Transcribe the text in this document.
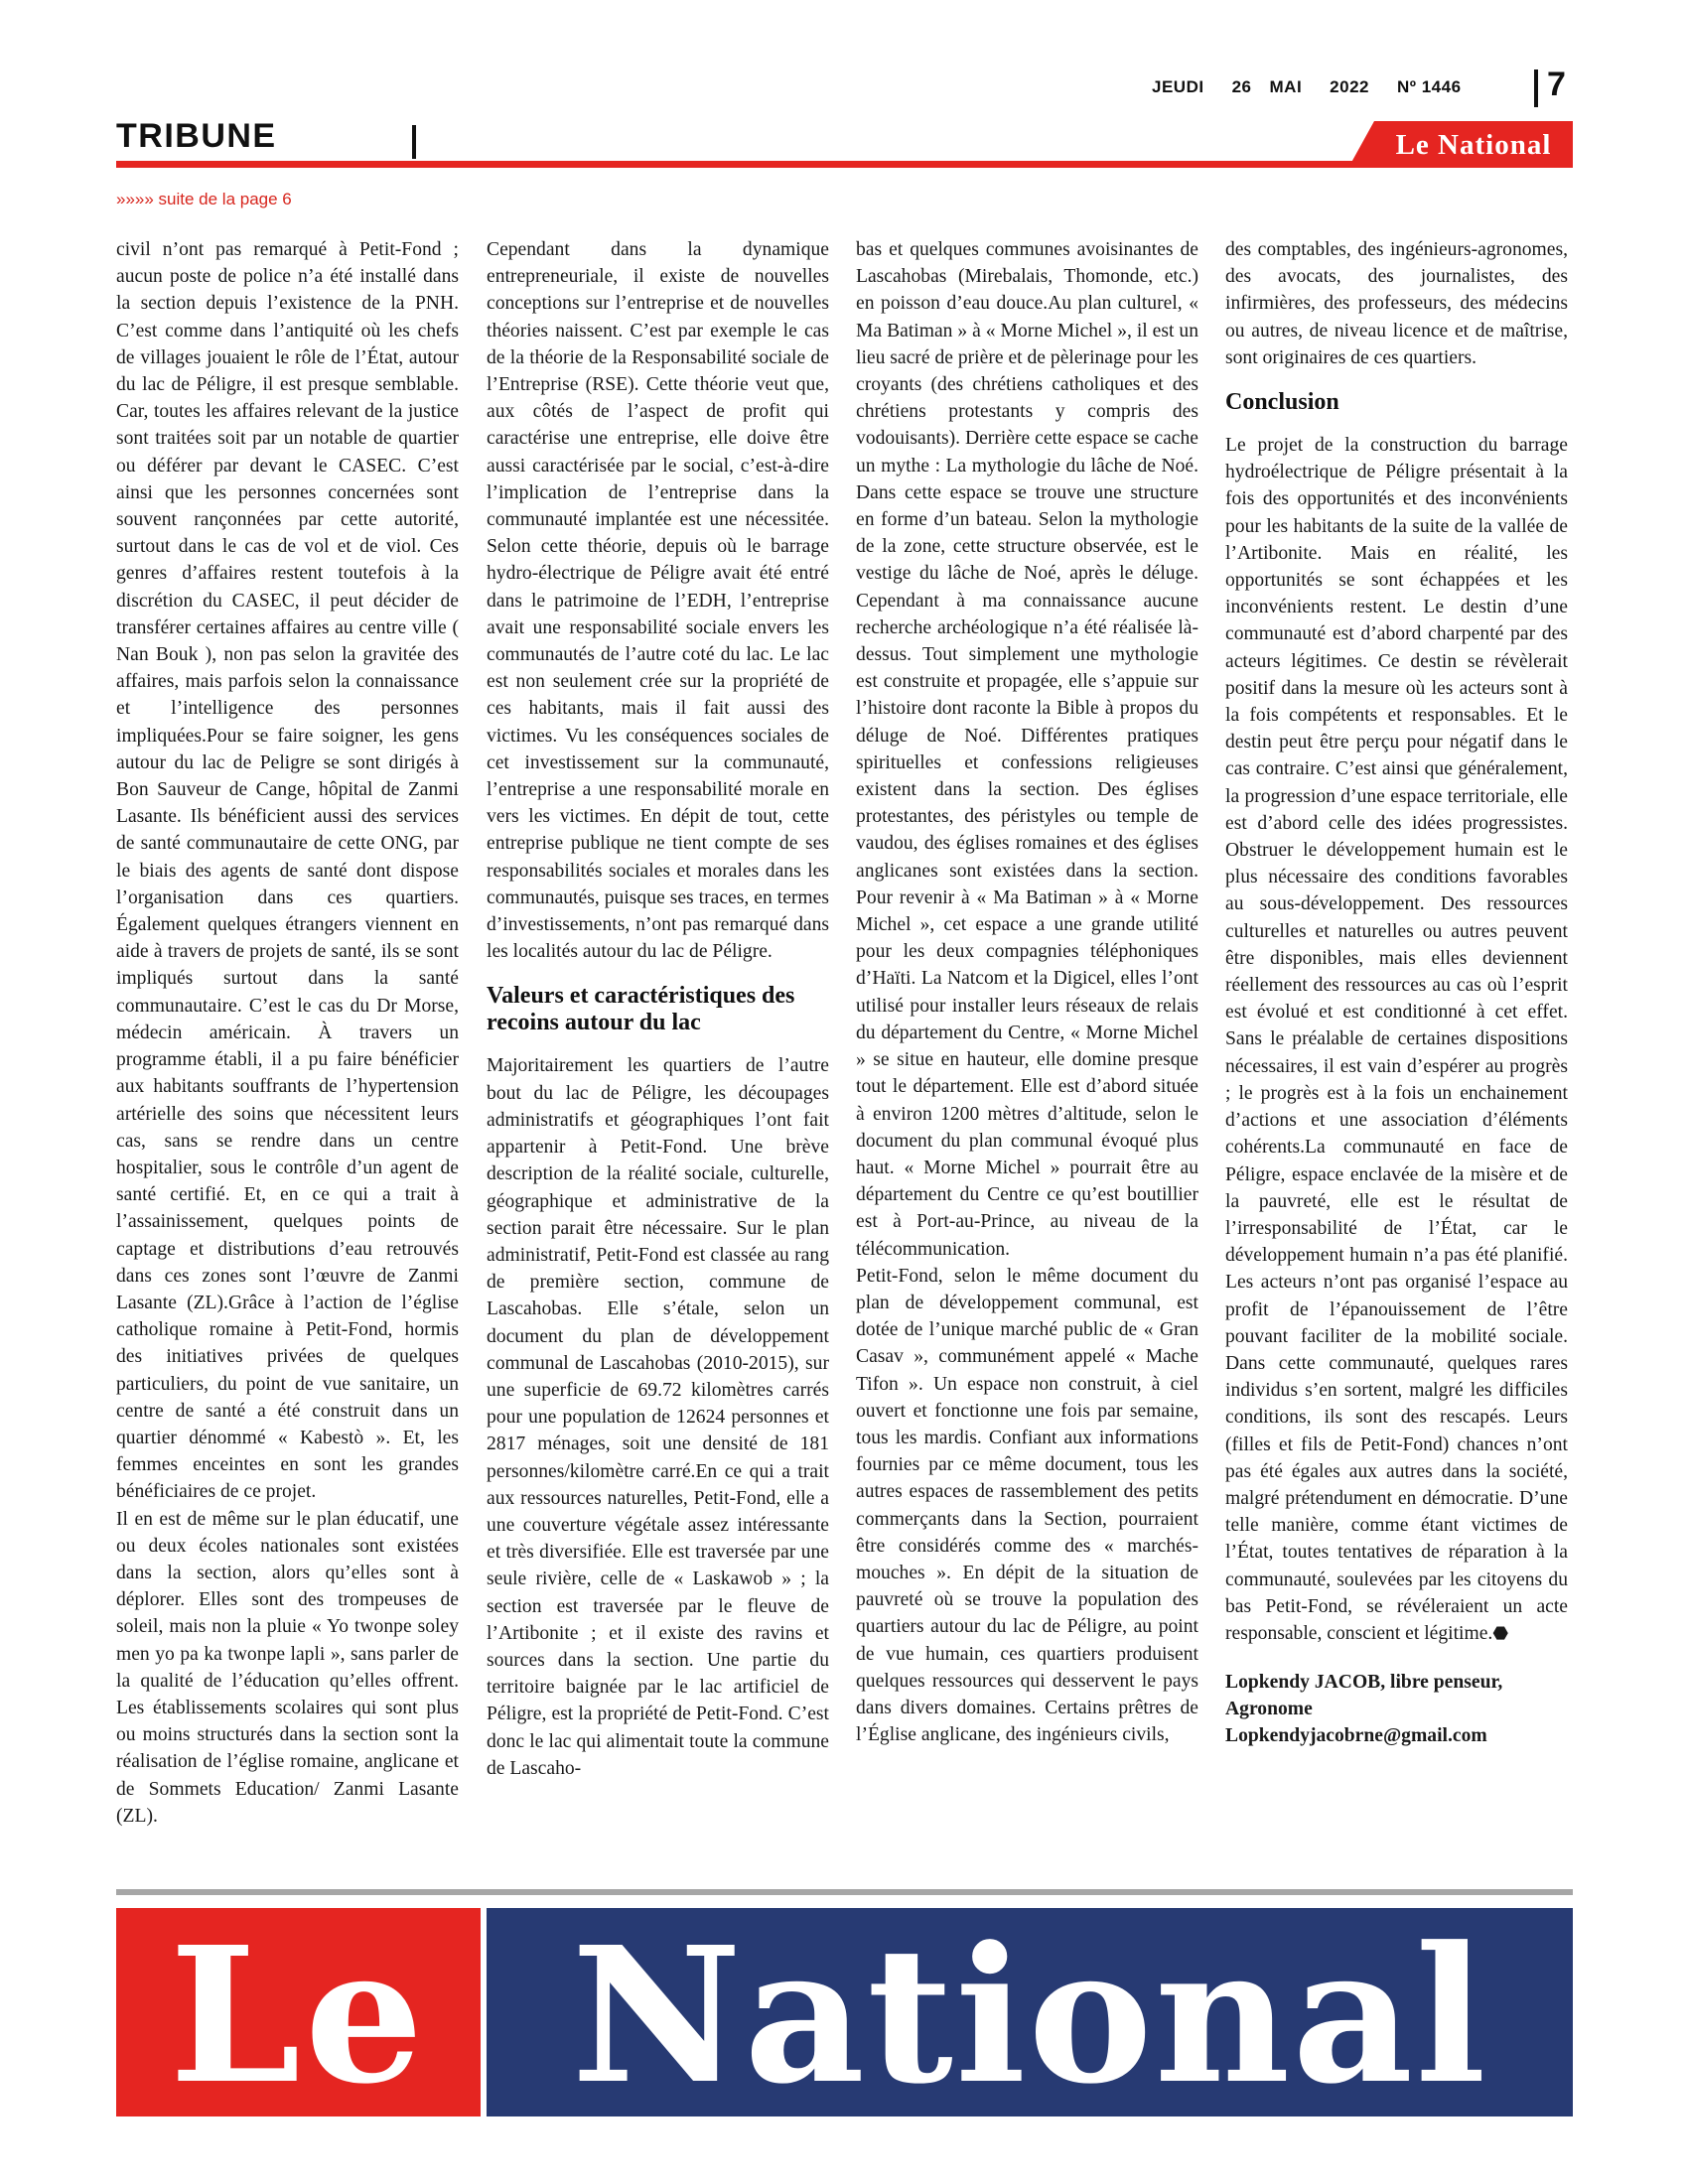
JEUDI 26 MAI 2022 Nº 1446	7
TRIBUNE	Le National
»»»» suite de la page 6

civil n’ont pas remarqué à Petit-Fond ; aucun poste de police n’a été installé dans la section depuis l’existence de la PNH. C’est comme dans l’antiquité où les chefs de villages jouaient le rôle de l’État, autour du lac de Péligre, il est presque semblable. Car, toutes les affaires relevant de la justice sont traitées soit par un notable de quartier ou déférer par devant le CASEC. C’est ainsi que les personnes concernées sont souvent rançonnées par cette autorité, surtout dans le cas de vol et de viol. Ces genres d’affaires restent toutefois à la discrétion du CASEC, il peut décider de transférer certaines affaires au centre ville ( Nan Bouk ), non pas selon la gravitée des affaires, mais parfois selon la connaissance et l’intelligence des personnes impliquées.Pour se faire soigner, les gens autour du lac de Peligre se sont dirigés à Bon Sauveur de Cange, hôpital de Zanmi Lasante. Ils bénéficient aussi des services de santé communautaire de cette ONG, par le biais des agents de santé dont dispose l’organisation dans ces quartiers. Également quelques étrangers viennent en aide à travers de projets de santé, ils se sont impliqués surtout dans la santé communautaire. C’est le cas du Dr Morse, médecin américain. À travers un programme établi, il a pu faire bénéficier aux habitants souffrants de l’hypertension artérielle des soins que nécessitent leurs cas, sans se rendre dans un centre hospitalier, sous le contrôle d’un agent de santé certifié. Et, en ce qui a trait à l’assainissement, quelques points de captage et distributions d’eau retrouvés dans ces zones sont l’œuvre de Zanmi Lasante (ZL).Grâce à l’action de l’église catholique romaine à Petit-Fond, hormis des initiatives privées de quelques particuliers, du point de vue sanitaire, un centre de santé a été construit dans un quartier dénommé « Kabestò ». Et, les femmes enceintes en sont les grandes bénéficiaires de ce projet.

Il en est de même sur le plan éducatif, une ou deux écoles nationales sont existées dans la section, alors qu’elles sont à déplorer. Elles sont des trompeuses de soleil, mais non la pluie « Yo twonpe soley men yo pa ka twonpe lapli », sans parler de la qualité de l’éducation qu’elles offrent. Les établissements scolaires qui sont plus ou moins structurés dans la section sont la réalisation de l’église romaine, anglicane et de Sommets Education/ Zanmi Lasante (ZL).

Cependant dans la dynamique entrepreneuriale, il existe de nouvelles conceptions sur l’entreprise et de nouvelles théories naissent. C’est par exemple le cas de la théorie de la Responsabilité sociale de l’Entreprise (RSE). Cette théorie veut que, aux côtés de l’aspect de profit qui caractérise une entreprise, elle doive être aussi caractérisée par le social, c’est-à-dire l’implication de l’entreprise dans la communauté implantée est une nécessitée. Selon cette théorie, depuis où le barrage hydro-électrique de Péligre avait été entré dans le patrimoine de l’EDH, l’entreprise avait une responsabilité sociale envers les communautés de l’autre coté du lac. Le lac est non seulement crée sur la propriété de ces habitants, mais il fait aussi des victimes. Vu les conséquences sociales de cet investissement sur la communauté, l’entreprise a une responsabilité morale en vers les victimes. En dépit de tout, cette entreprise publique ne tient compte de ses responsabilités sociales et morales dans les communautés, puisque ses traces, en termes d’investissements, n’ont pas remarqué dans les localités autour du lac de Péligre.

Valeurs et caractéristiques des recoins autour du lac

Majoritairement les quartiers de l’autre bout du lac de Péligre, les découpages administratifs et géographiques l’ont fait appartenir à Petit-Fond. Une brève description de la réalité sociale, culturelle, géographique et administrative de la section parait être nécessaire. Sur le plan administratif, Petit-Fond est classée au rang de première section, commune de Lascahobas. Elle s’étale, selon un document du plan de développement communal de Lascahobas (2010-2015), sur une superficie de 69.72 kilomètres carrés pour une population de 12624 personnes et 2817 ménages, soit une densité de 181 personnes/kilomètre carré.En ce qui a trait aux ressources naturelles, Petit-Fond, elle a une couverture végétale assez intéressante et très diversifiée. Elle est traversée par une seule rivière, celle de « Laskawob » ; la section est traversée par le fleuve de l’Artibonite ; et il existe des ravins et sources dans la section. Une partie du territoire baignée par le lac artificiel de Péligre, est la propriété de Petit-Fond. C’est donc le lac qui alimentait toute la commune de Lascaho-

bas et quelques communes avoisinantes de Lascahobas (Mirebalais, Thomonde, etc.) en poisson d’eau douce.Au plan culturel, « Ma Batiman » à « Morne Michel », il est un lieu sacré de prière et de pèlerinage pour les croyants (des chrétiens catholiques et des chrétiens protestants y compris des vodouisants). Derrière cette espace se cache un mythe : La mythologie du lâche de Noé. Dans cette espace se trouve une structure en forme d’un bateau. Selon la mythologie de la zone, cette structure observée, est le vestige du lâche de Noé, après le déluge. Cependant à ma connaissance aucune recherche archéologique n’a été réalisée là-dessus. Tout simplement une mythologie est construite et propagée, elle s’appuie sur l’histoire dont raconte la Bible à propos du déluge de Noé. Différentes pratiques spirituelles et confessions religieuses existent dans la section. Des églises protestantes, des péristyles ou temple de vaudou, des églises romaines et des églises anglicanes sont existées dans la section. Pour revenir à « Ma Batiman » à « Morne Michel », cet espace a une grande utilité pour les deux compagnies téléphoniques d’Haïti. La Natcom et la Digicel, elles l’ont utilisé pour installer leurs réseaux de relais du département du Centre, « Morne Michel » se situe en hauteur, elle domine presque tout le département. Elle est d’abord située à environ 1200 mètres d’altitude, selon le document du plan communal évoqué plus haut. « Morne Michel » pourrait être au département du Centre ce qu’est boutillier est à Port-au-Prince, au niveau de la télécommunication.

Petit-Fond, selon le même document du plan de développement communal, est dotée de l’unique marché public de « Gran Casav », communément appelé « Mache Tifon ». Un espace non construit, à ciel ouvert et fonctionne une fois par semaine, tous les mardis. Confiant aux informations fournies par ce même document, tous les autres espaces de rassemblement des petits commerçants dans la Section, pourraient être considérés comme des « marchés-mouches ». En dépit de la situation de pauvreté où se trouve la population des quartiers autour du lac de Péligre, au point de vue humain, ces quartiers produisent quelques ressources qui desservent le pays dans divers domaines. Certains prêtres de l’Église anglicane, des ingénieurs civils,

des comptables, des ingénieurs-agronomes, des avocats, des journalistes, des infirmières, des professeurs, des médecins ou autres, de niveau licence et de maîtrise, sont originaires de ces quartiers.

Conclusion

Le projet de la construction du barrage hydroélectrique de Péligre présentait à la fois des opportunités et des inconvénients pour les habitants de la suite de la vallée de l’Artibonite. Mais en réalité, les opportunités se sont échappées et les inconvénients restent. Le destin d’une communauté est d’abord charpenté par des acteurs légitimes. Ce destin se révèlerait positif dans la mesure où les acteurs sont à la fois compétents et responsables. Et le destin peut être perçu pour négatif dans le cas contraire. C’est ainsi que généralement, la progression d’une espace territoriale, elle est d’abord celle des idées progressistes. Obstruer le développement humain est le plus nécessaire des conditions favorables au sous-développement. Des ressources culturelles et naturelles ou autres peuvent être disponibles, mais elles deviennent réellement des ressources au cas où l’esprit est évolué et est conditionné à cet effet. Sans le préalable de certaines dispositions nécessaires, il est vain d’espérer au progrès ; le progrès est à la fois un enchainement d’actions et une association d’éléments cohérents.La communauté en face de Péligre, espace enclavée de la misère et de la pauvreté, elle est le résultat de l’irresponsabilité de l’État, car le développement humain n’a pas été planifié. Les acteurs n’ont pas organisé l’espace au profit de l’épanouissement de l’être pouvant faciliter de la mobilité sociale. Dans cette communauté, quelques rares individus s’en sortent, malgré les difficiles conditions, ils sont des rescapés. Leurs (filles et fils de Petit-Fond) chances n’ont pas été égales aux autres dans la société, malgré prétendument en démocratie. D’une telle manière, comme étant victimes de l’État, toutes tentatives de réparation à la communauté, soulevées par les citoyens du bas Petit-Fond, se révéleraient un acte responsable, conscient et légitime.⬣

Lopkendy JACOB, libre penseur, Agronome
Lopkendyjacobrne@gmail.com
Le National
